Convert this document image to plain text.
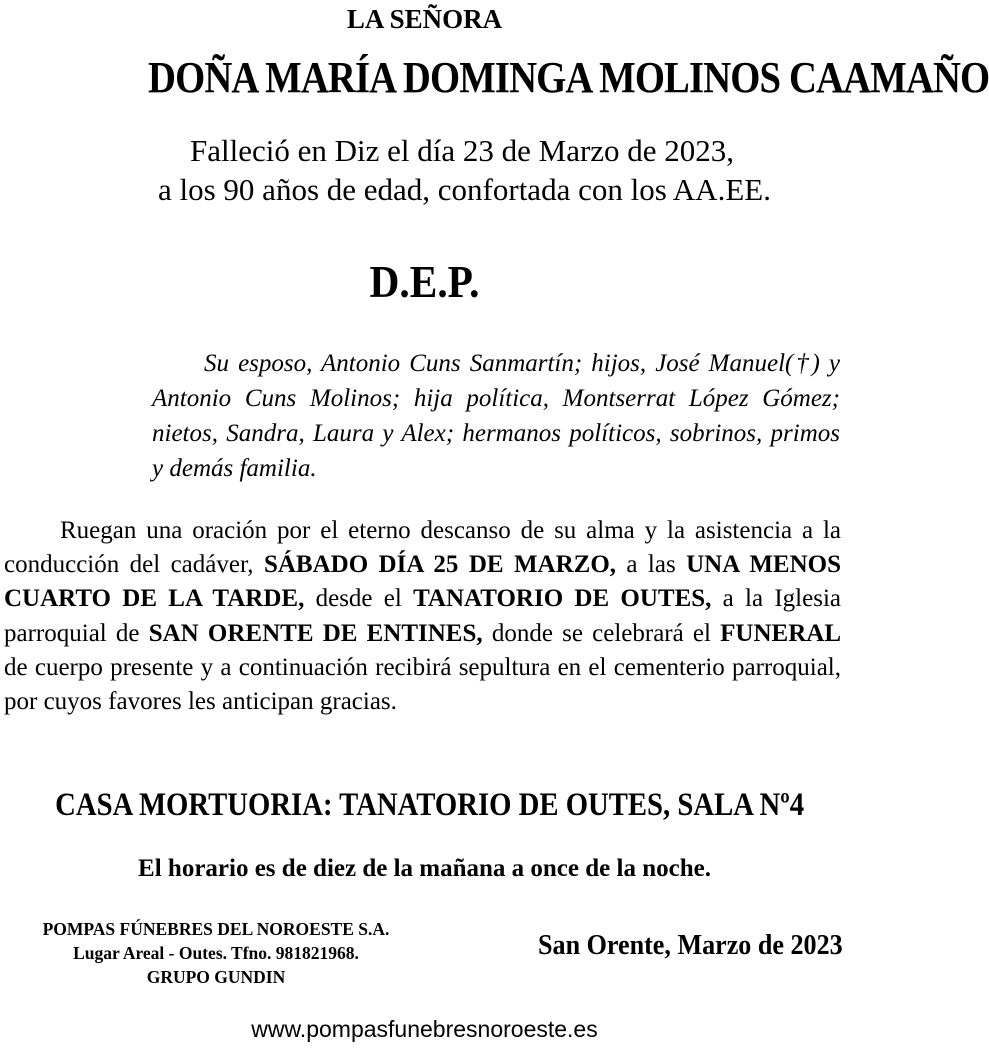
LA SEÑORA
DOÑA MARÍA DOMINGA MOLINOS CAAMAÑO
Falleció en Diz el día 23 de Marzo de 2023,
a los 90 años de edad, confortada con los AA.EE.
D.E.P.

Su esposo, Antonio Cuns Sanmartín; hijos, José Manuel(†) y Antonio Cuns Molinos; hija política, Montserrat López Gómez; nietos, Sandra, Laura y Alex; hermanos políticos, sobrinos, primos y demás familia.

Ruegan una oración por el eterno descanso de su alma y la asistencia a la conducción del cadáver, SÁBADO DÍA 25 DE MARZO, a las UNA MENOS CUARTO DE LA TARDE, desde el TANATORIO DE OUTES, a la Iglesia parroquial de SAN ORENTE DE ENTINES, donde se celebrará el FUNERAL de cuerpo presente y a continuación recibirá sepultura en el cementerio parroquial, por cuyos favores les anticipan gracias.

CASA MORTUORIA: TANATORIO DE OUTES, SALA Nº4
El horario es de diez de la mañana a once de la noche.
POMPAS FÚNEBRES DEL NOROESTE S.A.
Lugar Areal - Outes. Tfno. 981821968.
GRUPO GUNDIN
San Orente, Marzo de 2023
www.pompasfunebresnoroeste.es
